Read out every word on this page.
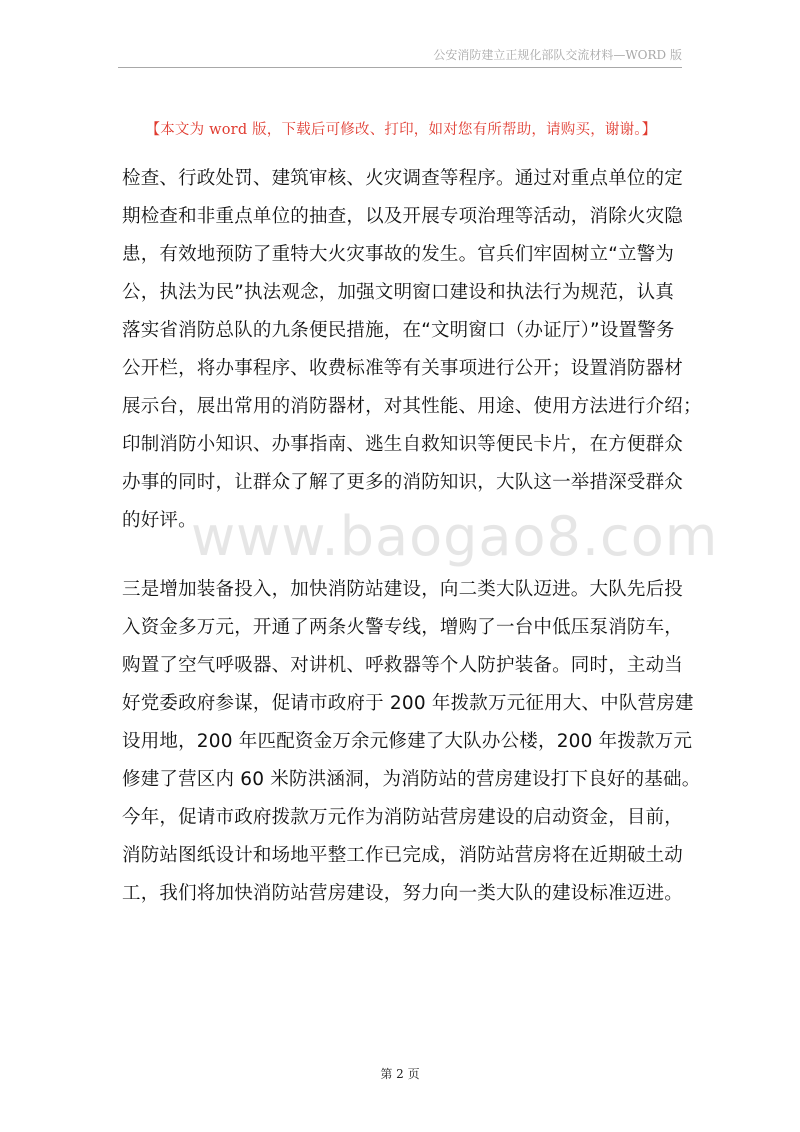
公安消防建立正规化部队交流材料—WORD 版
【本文为 word 版，下载后可修改、打印，如对您有所帮助，请购买，谢谢。】
检查、行政处罚、建筑审核、火灾调查等程序。通过对重点单位的定
期检查和非重点单位的抽查，以及开展专项治理等活动，消除火灾隐
患，有效地预防了重特大火灾事故的发生。官兵们牢固树立“立警为
公，执法为民”执法观念，加强文明窗口建设和执法行为规范，认真
落实省消防总队的九条便民措施，在“文明窗口（办证厅）”设置警务
公开栏，将办事程序、收费标准等有关事项进行公开；设置消防器材
展示台，展出常用的消防器材，对其性能、用途、使用方法进行介绍；
印制消防小知识、办事指南、逃生自救知识等便民卡片，在方便群众
办事的同时，让群众了解了更多的消防知识，大队这一举措深受群众
的好评。
www.baogao8.com
三是增加装备投入，加快消防站建设，向二类大队迈进。大队先后投
入资金多万元，开通了两条火警专线，增购了一台中低压泵消防车，
购置了空气呼吸器、对讲机、呼救器等个人防护装备。同时，主动当
好党委政府参谋，促请市政府于 200 年拨款万元征用大、中队营房建
设用地，200 年匹配资金万余元修建了大队办公楼，200 年拨款万元
修建了营区内 60 米防洪涵洞，为消防站的营房建设打下良好的基础。
今年，促请市政府拨款万元作为消防站营房建设的启动资金，目前，
消防站图纸设计和场地平整工作已完成，消防站营房将在近期破土动
工，我们将加快消防站营房建设，努力向一类大队的建设标准迈进。
第 2 页
